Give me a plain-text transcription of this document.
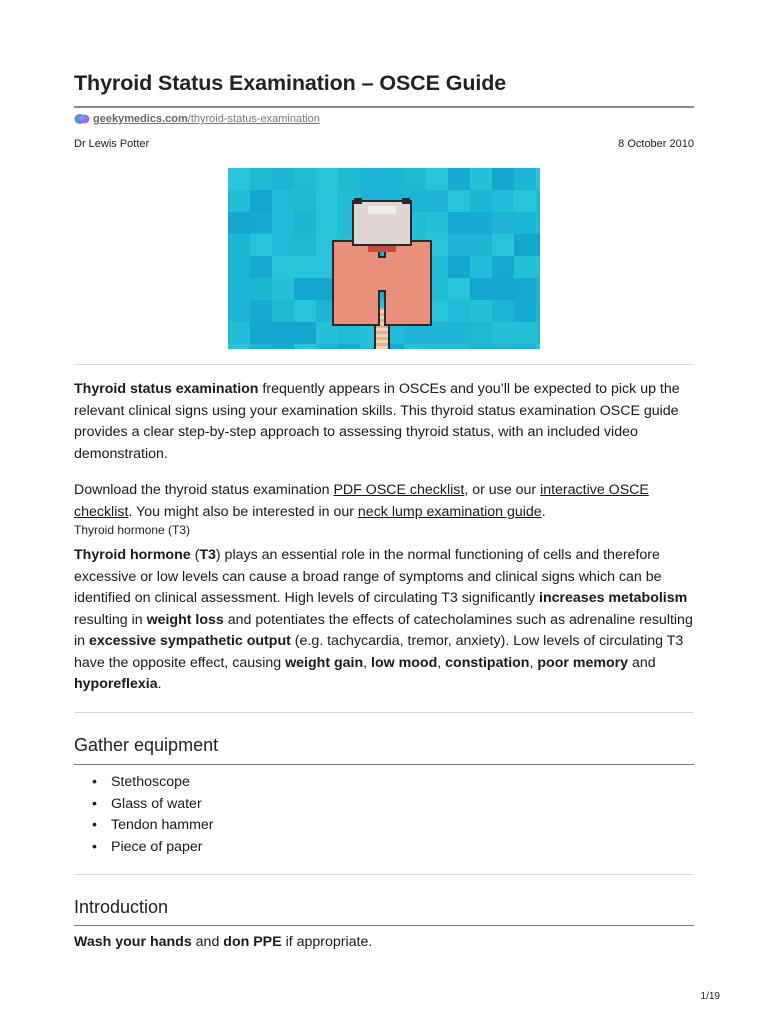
Thyroid Status Examination – OSCE Guide
geekymedics.com/thyroid-status-examination
Dr Lewis Potter	8 October 2010

Thyroid status examination frequently appears in OSCEs and you’ll be expected to pick up the relevant clinical signs using your examination skills. This thyroid status examination OSCE guide provides a clear step-by-step approach to assessing thyroid status, with an included video demonstration.

Download the thyroid status examination PDF OSCE checklist, or use our interactive OSCE checklist. You might also be interested in our neck lump examination guide.

Thyroid hormone (T3)

Thyroid hormone (T3) plays an essential role in the normal functioning of cells and therefore excessive or low levels can cause a broad range of symptoms and clinical signs which can be identified on clinical assessment. High levels of circulating T3 significantly increases metabolism resulting in weight loss and potentiates the effects of catecholamines such as adrenaline resulting in excessive sympathetic output (e.g. tachycardia, tremor, anxiety). Low levels of circulating T3 have the opposite effect, causing weight gain, low mood, constipation, poor memory and hyporeflexia.

Gather equipment
• Stethoscope
• Glass of water
• Tendon hammer
• Piece of paper
Introduction

Wash your hands and don PPE if appropriate.

1/19
